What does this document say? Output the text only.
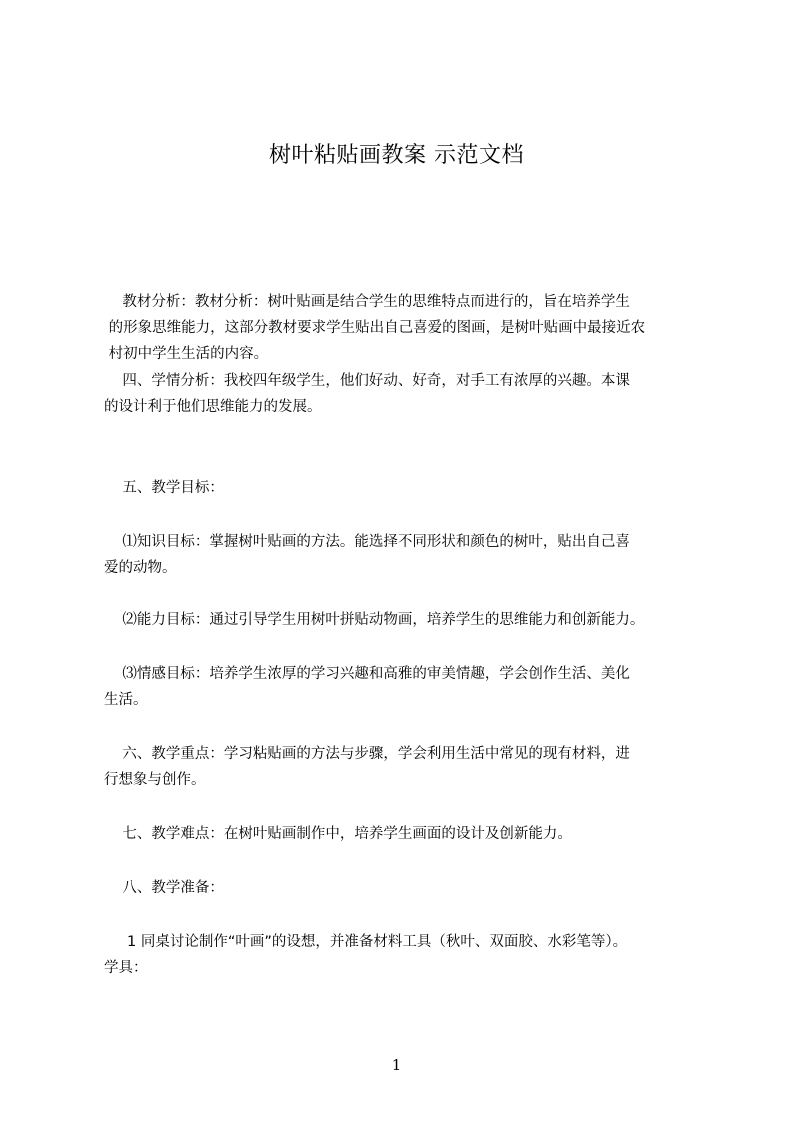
树叶粘贴画教案 示范文档

教材分析：教材分析：树叶贴画是结合学生的思维特点而进行的，旨在培养学生
的形象思维能力，这部分教材要求学生贴出自己喜爱的图画，是树叶贴画中最接近农
村初中学生生活的内容。

四、学情分析：我校四年级学生，他们好动、好奇，对手工有浓厚的兴趣。本课
的设计利于他们思维能力的发展。

五、教学目标：

⑴知识目标：掌握树叶贴画的方法。能选择不同形状和颜色的树叶，贴出自己喜
爱的动物。

⑵能力目标：通过引导学生用树叶拼贴动物画，培养学生的思维能力和创新能力。

⑶情感目标：培养学生浓厚的学习兴趣和高雅的审美情趣，学会创作生活、美化
生活。

六、教学重点：学习粘贴画的方法与步骤，学会利用生活中常见的现有材料，进
行想象与创作。

七、教学难点：在树叶贴画制作中，培养学生画面的设计及创新能力。

八、教学准备：

1 同桌讨论制作“叶画”的设想，并准备材料工具（秋叶、双面胶、水彩笔等）。
学具：

1
